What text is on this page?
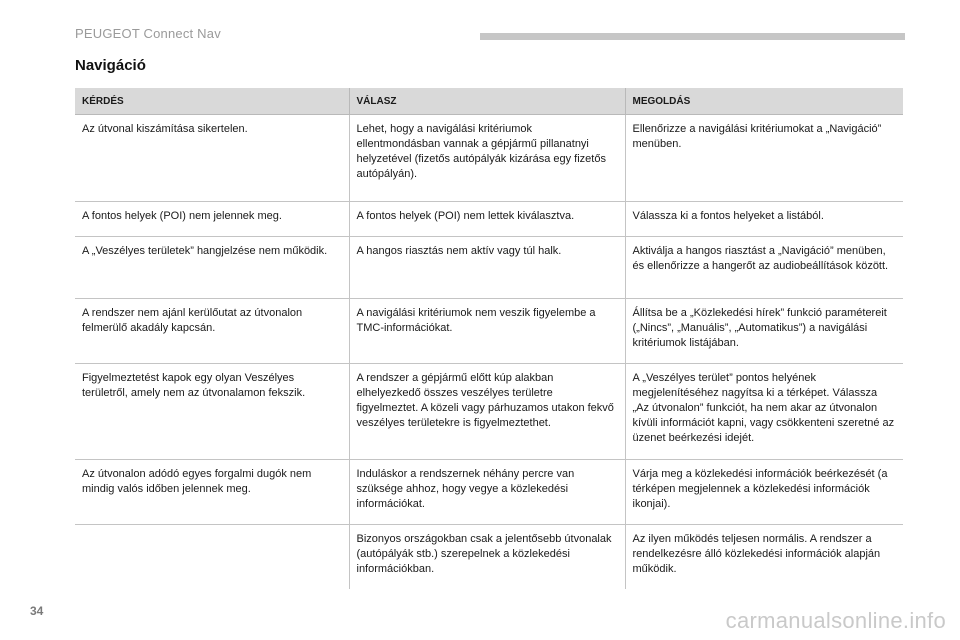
PEUGEOT Connect Nav
Navigáció
KÉRDÉS	VÁLASZ	MEGOLDÁS
Az útvonal kiszámítása sikertelen.	Lehet, hogy a navigálási kritériumok ellentmondásban vannak a gépjármű pillanatnyi helyzetével (fizetős autópályák kizárása egy fizetős autópályán).	Ellenőrizze a navigálási kritériumokat a „Navigáció” menüben.
A fontos helyek (POI) nem jelennek meg.	A fontos helyek (POI) nem lettek kiválasztva.	Válassza ki a fontos helyeket a listából.
A „Veszélyes területek” hangjelzése nem működik.	A hangos riasztás nem aktív vagy túl halk.	Aktiválja a hangos riasztást a „Navigáció” menüben, és ellenőrizze a hangerőt az audiobeállítások között.
A rendszer nem ajánl kerülőutat az útvonalon felmerülő akadály kapcsán.	A navigálási kritériumok nem veszik figyelembe a TMC-információkat.	Állítsa be a „Közlekedési hírek” funkció paramétereit („Nincs”, „Manuális”, „Automatikus”) a navigálási kritériumok listájában.
Figyelmeztetést kapok egy olyan Veszélyes területről, amely nem az útvonalamon fekszik.	A rendszer a gépjármű előtt kúp alakban elhelyezkedő összes veszélyes területre figyelmeztet. A közeli vagy párhuzamos utakon fekvő veszélyes területekre is figyelmeztethet.	A „Veszélyes terület” pontos helyének megjelenítéséhez nagyítsa ki a térképet. Válassza „Az útvonalon” funkciót, ha nem akar az útvonalon kívüli információt kapni, vagy csökkenteni szeretné az üzenet beérkezési idejét.
Az útvonalon adódó egyes forgalmi dugók nem mindig valós időben jelennek meg.	Induláskor a rendszernek néhány percre van szüksége ahhoz, hogy vegye a közlekedési információkat.	Várja meg a közlekedési információk beérkezését (a térképen megjelennek a közlekedési információk ikonjai).
	Bizonyos országokban csak a jelentősebb útvonalak (autópályák stb.) szerepelnek a közlekedési információkban.	Az ilyen működés teljesen normális. A rendszer a rendelkezésre álló közlekedési információk alapján működik.
34	carmanualsonline.info
